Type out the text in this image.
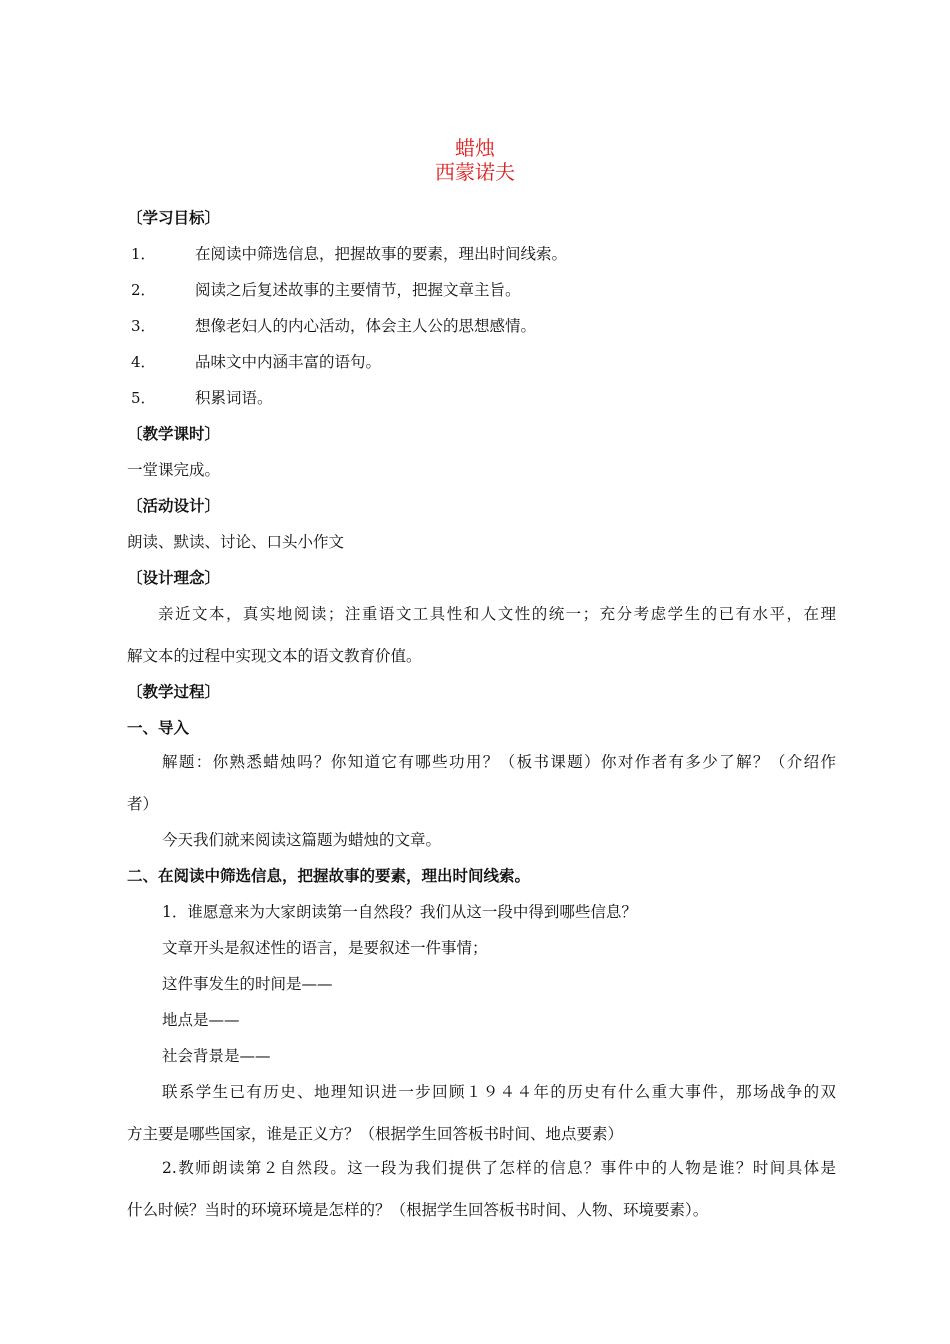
蜡烛
西蒙诺夫
〔学习目标〕
1．	在阅读中筛选信息，把握故事的要素，理出时间线索。
2．	阅读之后复述故事的主要情节，把握文章主旨。
3．	想像老妇人的内心活动，体会主人公的思想感情。
4．	品味文中内涵丰富的语句。
5．	积累词语。
〔教学课时〕
一堂课完成。
〔活动设计〕
朗读、默读、讨论、口头小作文
〔设计理念〕
亲近文本，真实地阅读；注重语文工具性和人文性的统一；充分考虑学生的已有水平，在理
解文本的过程中实现文本的语文教育价值。
〔教学过程〕
一、导入
解题：你熟悉蜡烛吗？你知道它有哪些功用？（板书课题）你对作者有多少了解？（介绍作
者）
今天我们就来阅读这篇题为蜡烛的文章。
二、在阅读中筛选信息，把握故事的要素，理出时间线索。
1．谁愿意来为大家朗读第一自然段？我们从这一段中得到哪些信息？
文章开头是叙述性的语言，是要叙述一件事情；
这件事发生的时间是——
地点是——
社会背景是——
联系学生已有历史、地理知识进一步回顾１９４４年的历史有什么重大事件，那场战争的双
方主要是哪些国家，谁是正义方？（根据学生回答板书时间、地点要素）
2.教师朗读第２自然段。这一段为我们提供了怎样的信息？事件中的人物是谁？时间具体是
什么时候？当时的环境环境是怎样的？（根据学生回答板书时间、人物、环境要素）。
